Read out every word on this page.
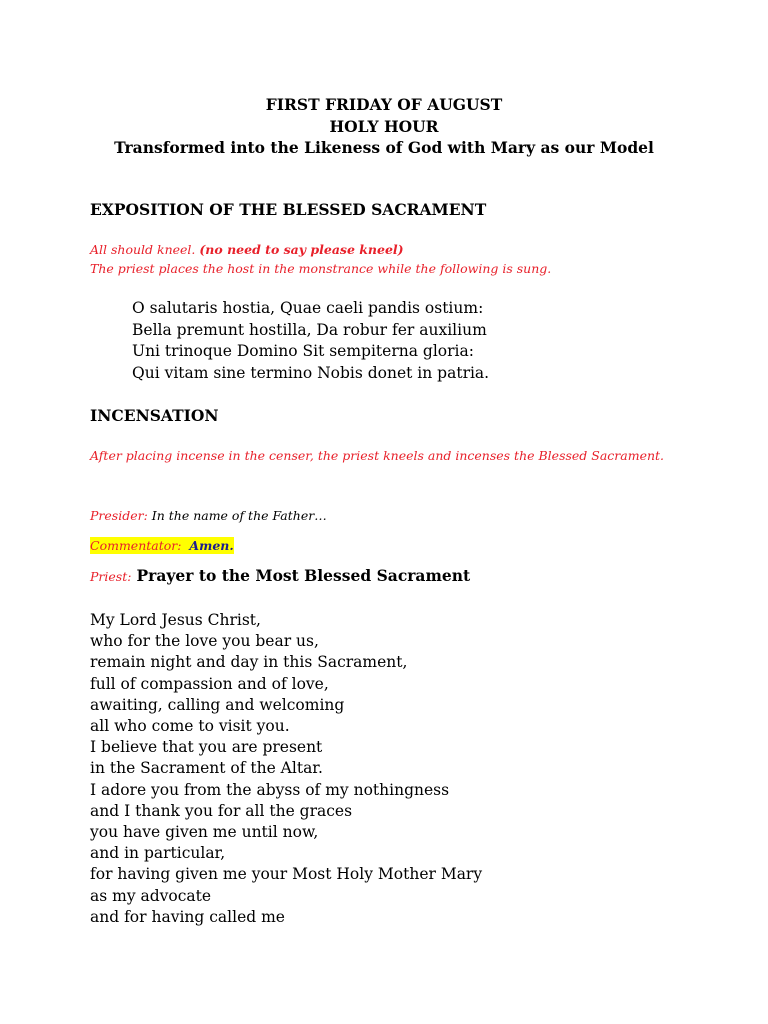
FIRST FRIDAY OF AUGUST
HOLY HOUR
Transformed into the Likeness of God with Mary as our Model
EXPOSITION OF THE BLESSED SACRAMENT
All should kneel. (no need to say please kneel)
The priest places the host in the monstrance while the following is sung.
O salutaris hostia, Quae caeli pandis ostium:
Bella premunt hostilla, Da robur fer auxilium
Uni trinoque Domino Sit sempiterna gloria:
Qui vitam sine termino Nobis donet in patria.
INCENSATION
After placing incense in the censer, the priest kneels and incenses the Blessed Sacrament.
Presider: In the name of the Father…
Commentator: Amen.
Priest: Prayer to the Most Blessed Sacrament
My Lord Jesus Christ,
who for the love you bear us,
remain night and day in this Sacrament,
full of compassion and of love,
awaiting, calling and welcoming
all who come to visit you.
I believe that you are present
in the Sacrament of the Altar.
I adore you from the abyss of my nothingness
and I thank you for all the graces
you have given me until now,
and in particular,
for having given me your Most Holy Mother Mary
as my advocate
and for having called me
